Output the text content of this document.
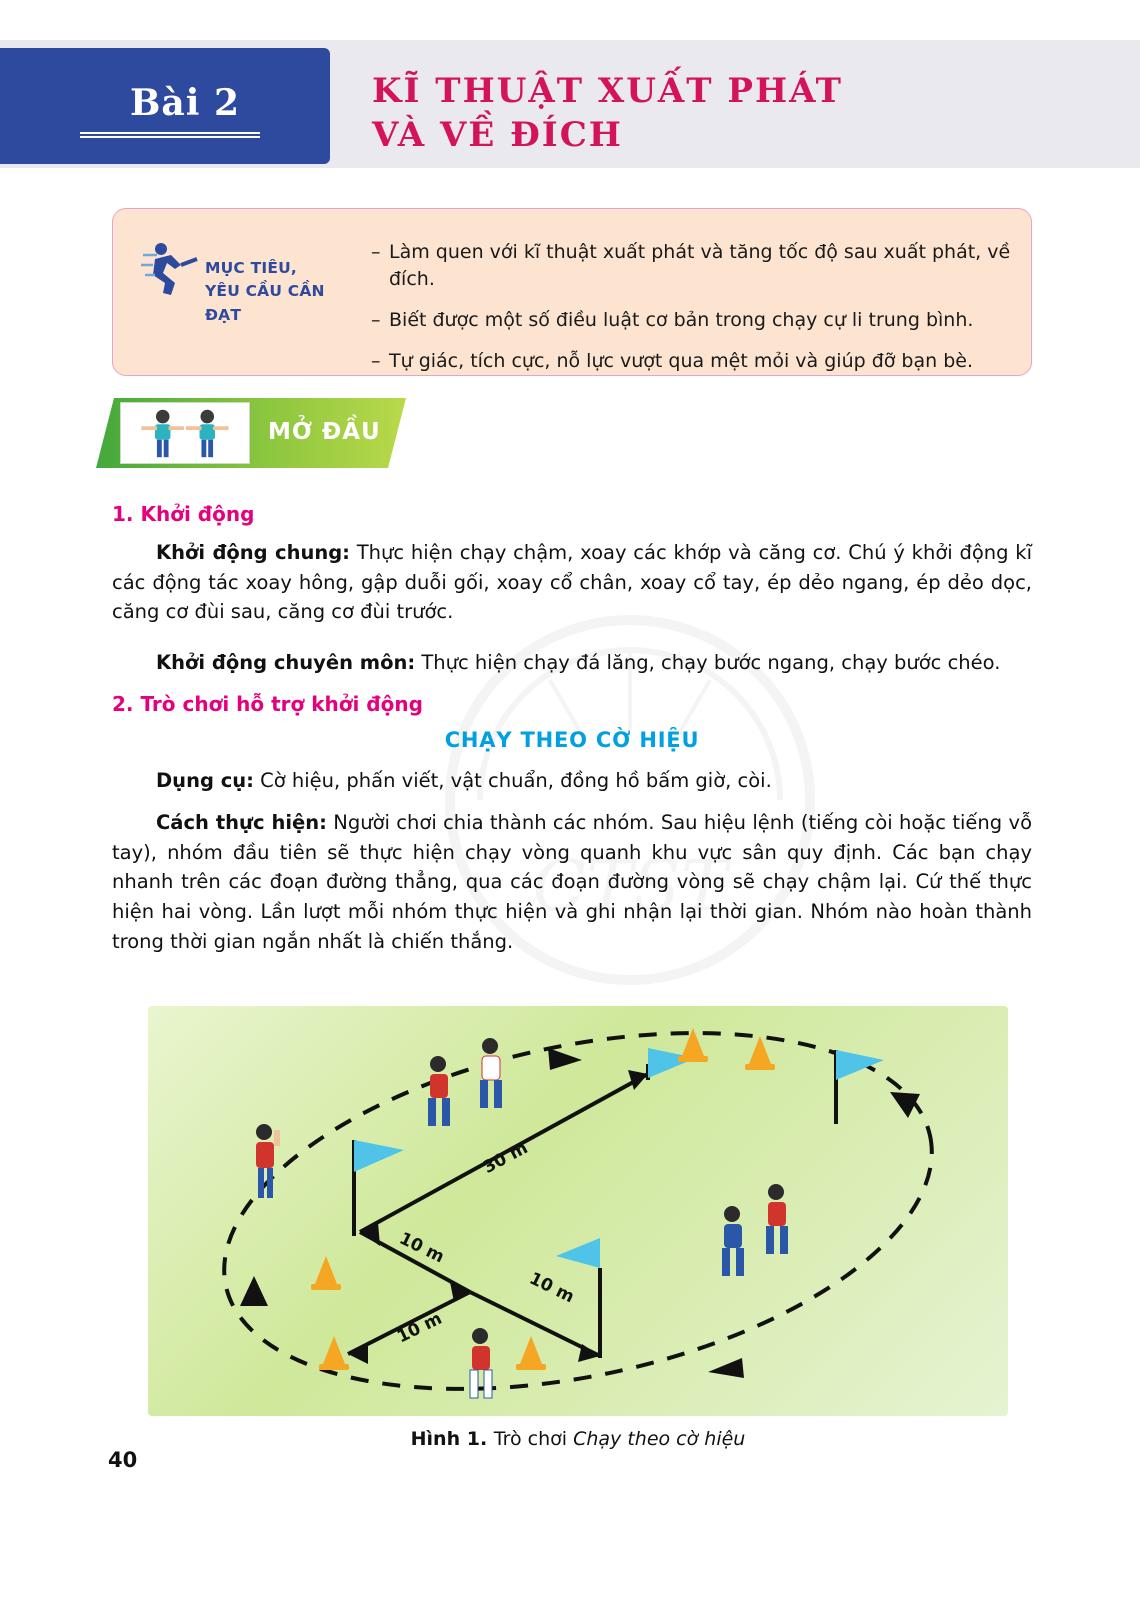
Bài 2	KĨ THUẬT XUẤT PHÁT
VÀ VỀ ĐÍCH
MỤC TIÊU,
YÊU CẦU CẦN ĐẠT
– Làm quen với kĩ thuật xuất phát và tăng tốc độ sau xuất phát, về đích.
– Biết được một số điều luật cơ bản trong chạy cự li trung bình.
– Tự giác, tích cực, nỗ lực vượt qua mệt mỏi và giúp đỡ bạn bè.
MỞ ĐẦU
CTST
1. Khởi động
Khởi động chung: Thực hiện chạy chậm, xoay các khớp và căng cơ. Chú ý khởi động kĩ các động tác xoay hông, gập duỗi gối, xoay cổ chân, xoay cổ tay, ép dẻo ngang, ép dẻo dọc, căng cơ đùi sau, căng cơ đùi trước.
Khởi động chuyên môn: Thực hiện chạy đá lăng, chạy bước ngang, chạy bước chéo.
2. Trò chơi hỗ trợ khởi động
CHẠY THEO CỜ HIỆU
Dụng cụ: Cờ hiệu, phấn viết, vật chuẩn, đồng hồ bấm giờ, còi.
Cách thực hiện: Người chơi chia thành các nhóm. Sau hiệu lệnh (tiếng còi hoặc tiếng vỗ tay), nhóm đầu tiên sẽ thực hiện chạy vòng quanh khu vực sân quy định. Các bạn chạy nhanh trên các đoạn đường thẳng, qua các đoạn đường vòng sẽ chạy chậm lại. Cứ thế thực hiện hai vòng. Lần lượt mỗi nhóm thực hiện và ghi nhận lại thời gian. Nhóm nào hoàn thành trong thời gian ngắn nhất là chiến thắng.
30 m
10 m
10 m
10 m
Hình 1. Trò chơi Chạy theo cờ hiệu
40
